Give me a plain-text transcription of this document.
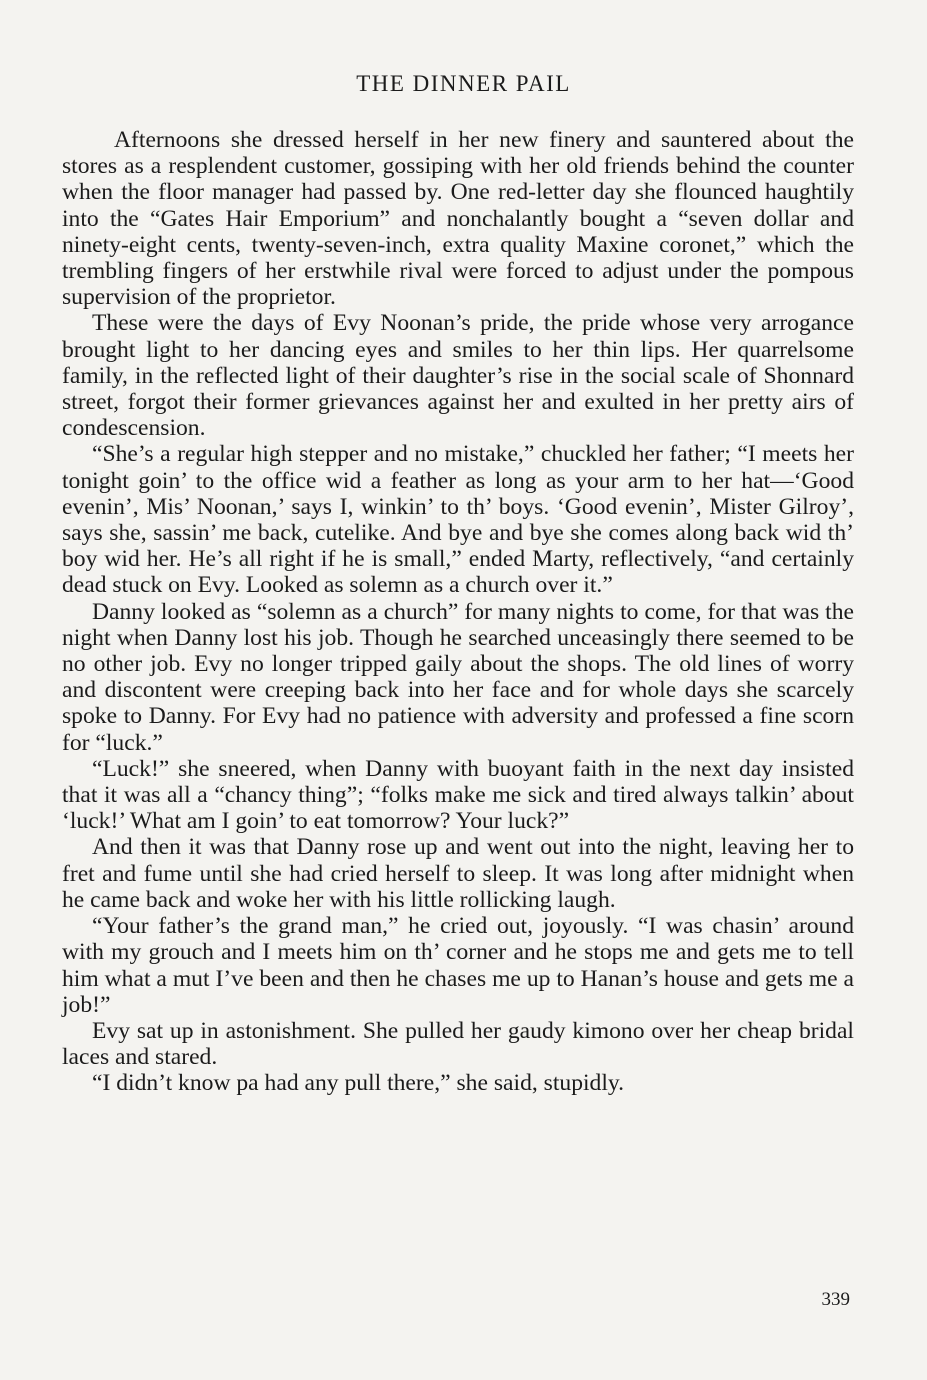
THE DINNER PAIL

Afternoons she dressed herself in her new finery and sauntered about the stores as a resplendent customer, gossiping with her old friends behind the counter when the floor manager had passed by. One red-letter day she flounced haughtily into the “Gates Hair Emporium” and nonchalantly bought a “seven dollar and ninety-eight cents, twenty-seven-inch, extra quality Maxine coronet,” which the trembling fingers of her erstwhile rival were forced to adjust under the pompous supervision of the proprietor.

These were the days of Evy Noonan’s pride, the pride whose very arrogance brought light to her dancing eyes and smiles to her thin lips. Her quarrelsome family, in the reflected light of their daughter’s rise in the social scale of Shonnard street, forgot their former grievances against her and exulted in her pretty airs of condescension.

“She’s a regular high stepper and no mistake,” chuckled her father; “I meets her tonight goin’ to the office wid a feather as long as your arm to her hat—‘Good evenin’, Mis’ Noonan,’ says I, winkin’ to th’ boys. ‘Good evenin’, Mister Gilroy’, says she, sassin’ me back, cutelike. And bye and bye she comes along back wid th’ boy wid her. He’s all right if he is small,” ended Marty, reflectively, “and certainly dead stuck on Evy. Looked as solemn as a church over it.”

Danny looked as “solemn as a church” for many nights to come, for that was the night when Danny lost his job. Though he searched unceasingly there seemed to be no other job. Evy no longer tripped gaily about the shops. The old lines of worry and discontent were creeping back into her face and for whole days she scarcely spoke to Danny. For Evy had no patience with adversity and professed a fine scorn for “luck.”

“Luck!” she sneered, when Danny with buoyant faith in the next day insisted that it was all a “chancy thing”; “folks make me sick and tired always talkin’ about ‘luck!’ What am I goin’ to eat tomorrow? Your luck?”

And then it was that Danny rose up and went out into the night, leaving her to fret and fume until she had cried herself to sleep. It was long after midnight when he came back and woke her with his little rollicking laugh.

“Your father’s the grand man,” he cried out, joyously. “I was chasin’ around with my grouch and I meets him on th’ corner and he stops me and gets me to tell him what a mut I’ve been and then he chases me up to Hanan’s house and gets me a job!”

Evy sat up in astonishment. She pulled her gaudy kimono over her cheap bridal laces and stared.

“I didn’t know pa had any pull there,” she said, stupidly.

339
